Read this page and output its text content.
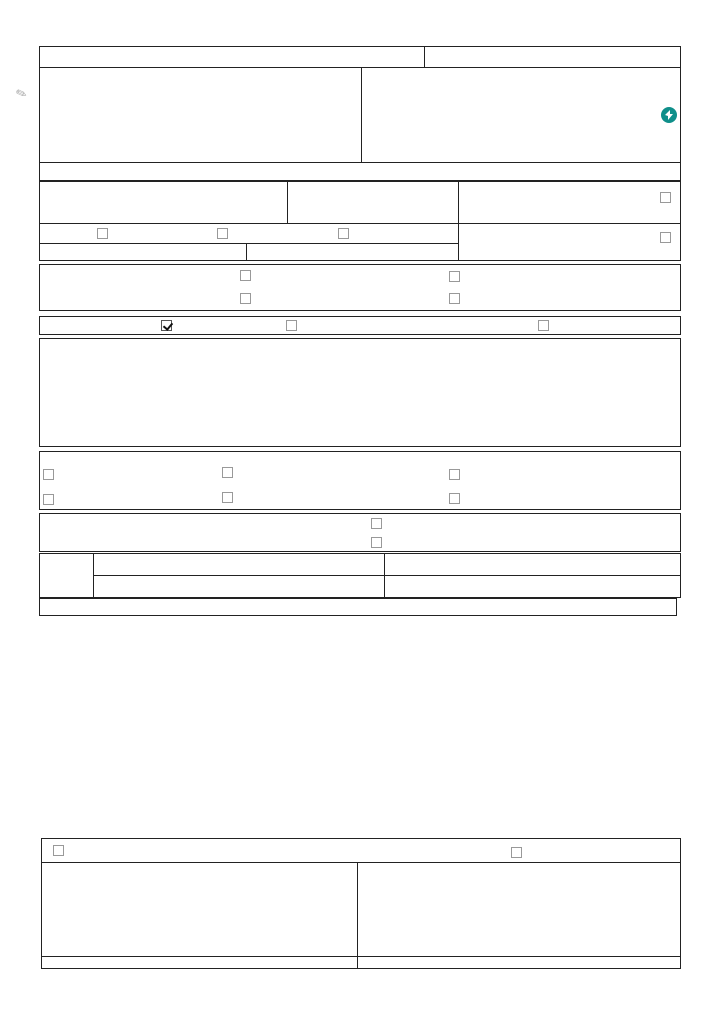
✎
